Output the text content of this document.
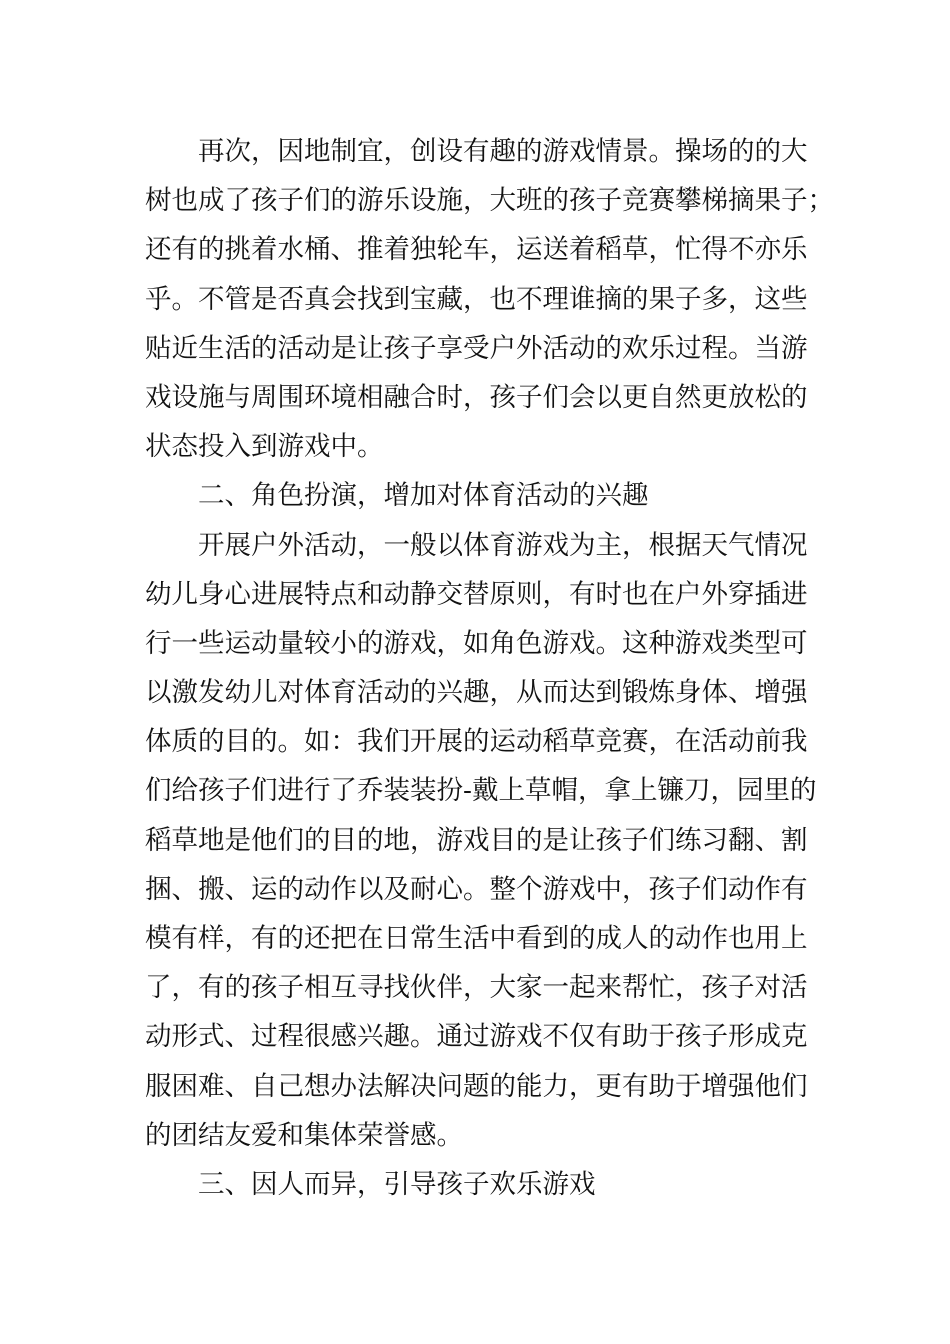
再次，因地制宜，创设有趣的游戏情景。操场的的大
树也成了孩子们的游乐设施，大班的孩子竞赛攀梯摘果子；
还有的挑着水桶、推着独轮车，运送着稻草，忙得不亦乐
乎。不管是否真会找到宝藏，也不理谁摘的果子多，这些
贴近生活的活动是让孩子享受户外活动的欢乐过程。当游
戏设施与周围环境相融合时，孩子们会以更自然更放松的
状态投入到游戏中。
二、角色扮演，增加对体育活动的兴趣
开展户外活动，一般以体育游戏为主，根据天气情况
幼儿身心进展特点和动静交替原则，有时也在户外穿插进
行一些运动量较小的游戏，如角色游戏。这种游戏类型可
以激发幼儿对体育活动的兴趣，从而达到锻炼身体、增强
体质的目的。如：我们开展的运动稻草竞赛，在活动前我
们给孩子们进行了乔装装扮-戴上草帽，拿上镰刀，园里的
稻草地是他们的目的地，游戏目的是让孩子们练习翻、割
捆、搬、运的动作以及耐心。整个游戏中，孩子们动作有
模有样，有的还把在日常生活中看到的成人的动作也用上
了，有的孩子相互寻找伙伴，大家一起来帮忙，孩子对活
动形式、过程很感兴趣。通过游戏不仅有助于孩子形成克
服困难、自己想办法解决问题的能力，更有助于增强他们
的团结友爱和集体荣誉感。
三、因人而异，引导孩子欢乐游戏
